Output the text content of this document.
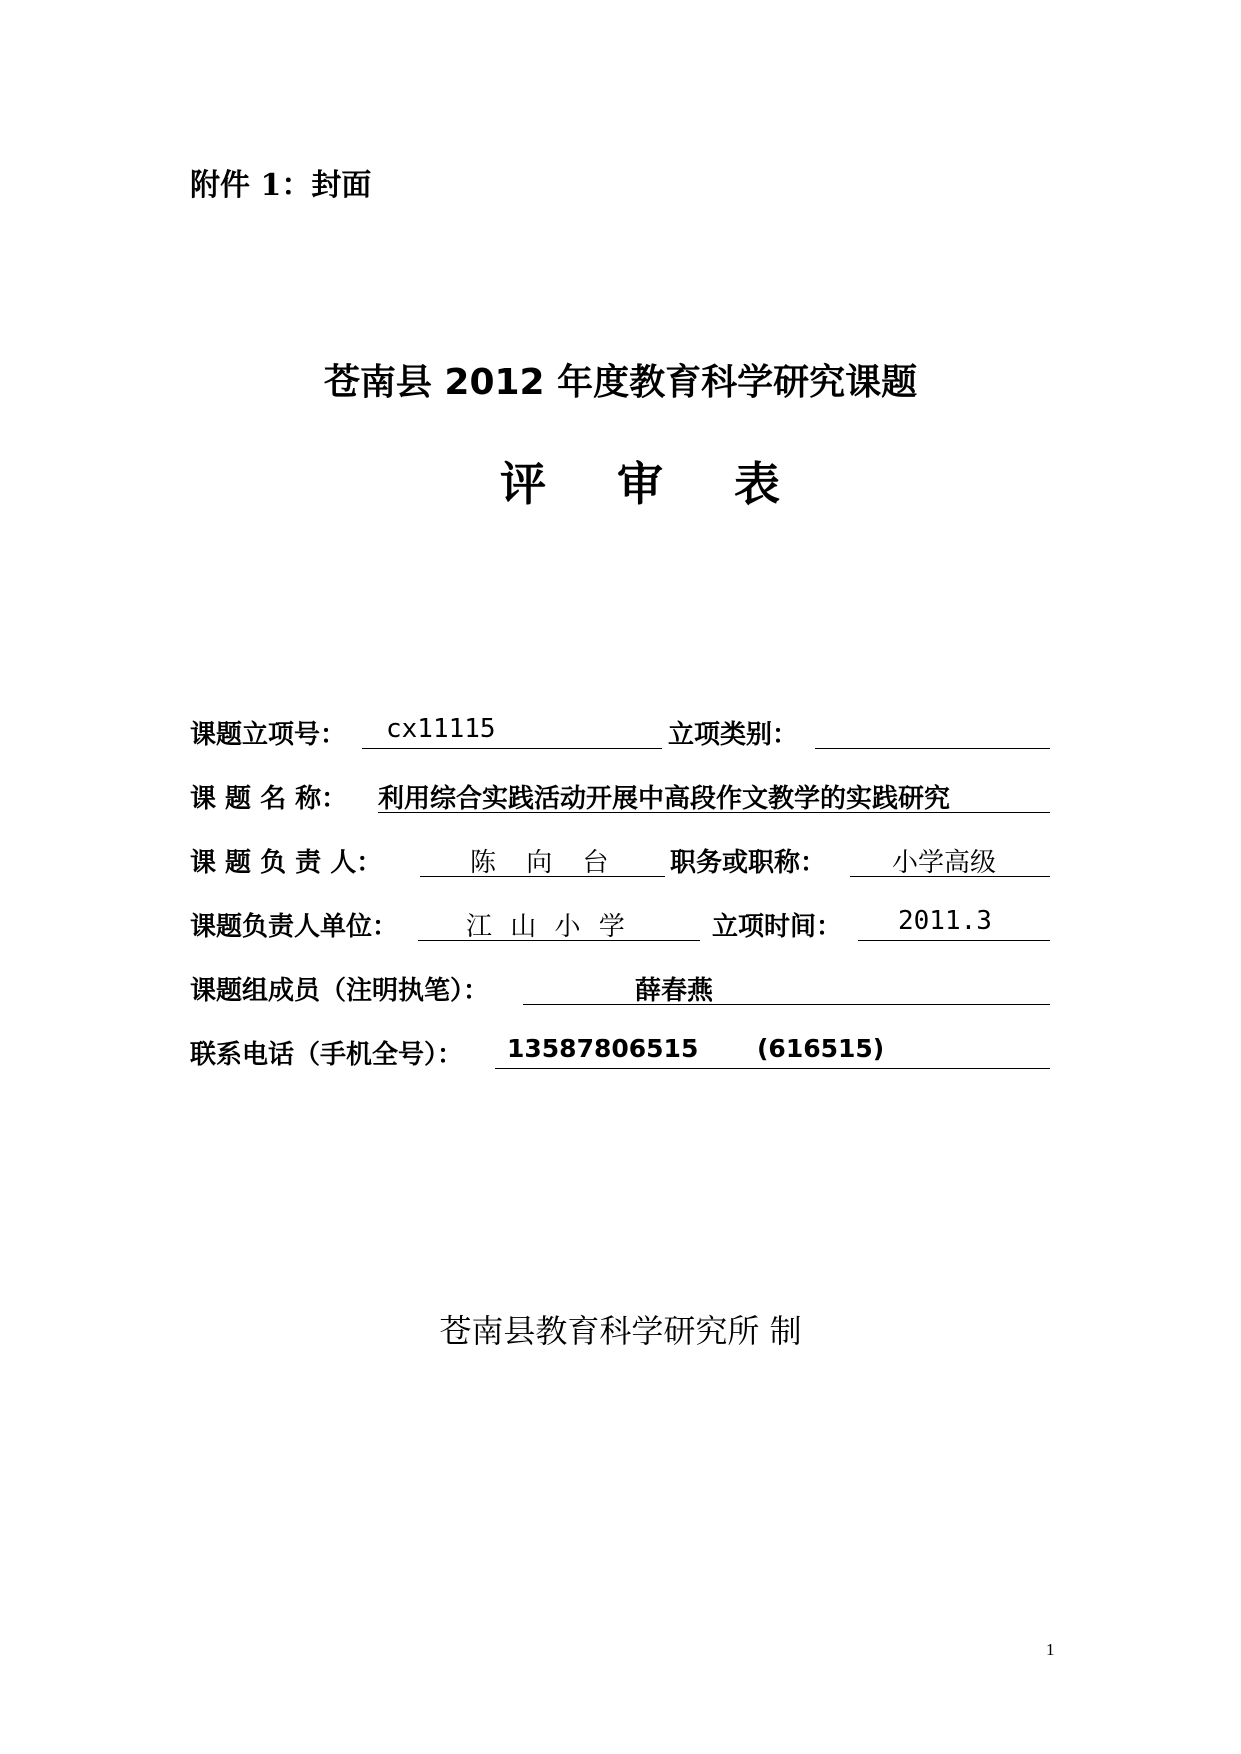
附件 1：封面
苍南县 2012 年度教育科学研究课题
评 审 表
课题立项号： cx11115	立项类别：
课 题 名 称： 利用综合实践活动开展中高段作文教学的实践研究
课 题 负 责 人：	陈 向 台 职务或职称：	小学高级
课题负责人单位：	江 山 小 学	立项时间： 2011.3
课题组成员（注明执笔）：	薛春燕
联系电话（手机全号）： 13587806515 (616515)
苍南县教育科学研究所 制
1
